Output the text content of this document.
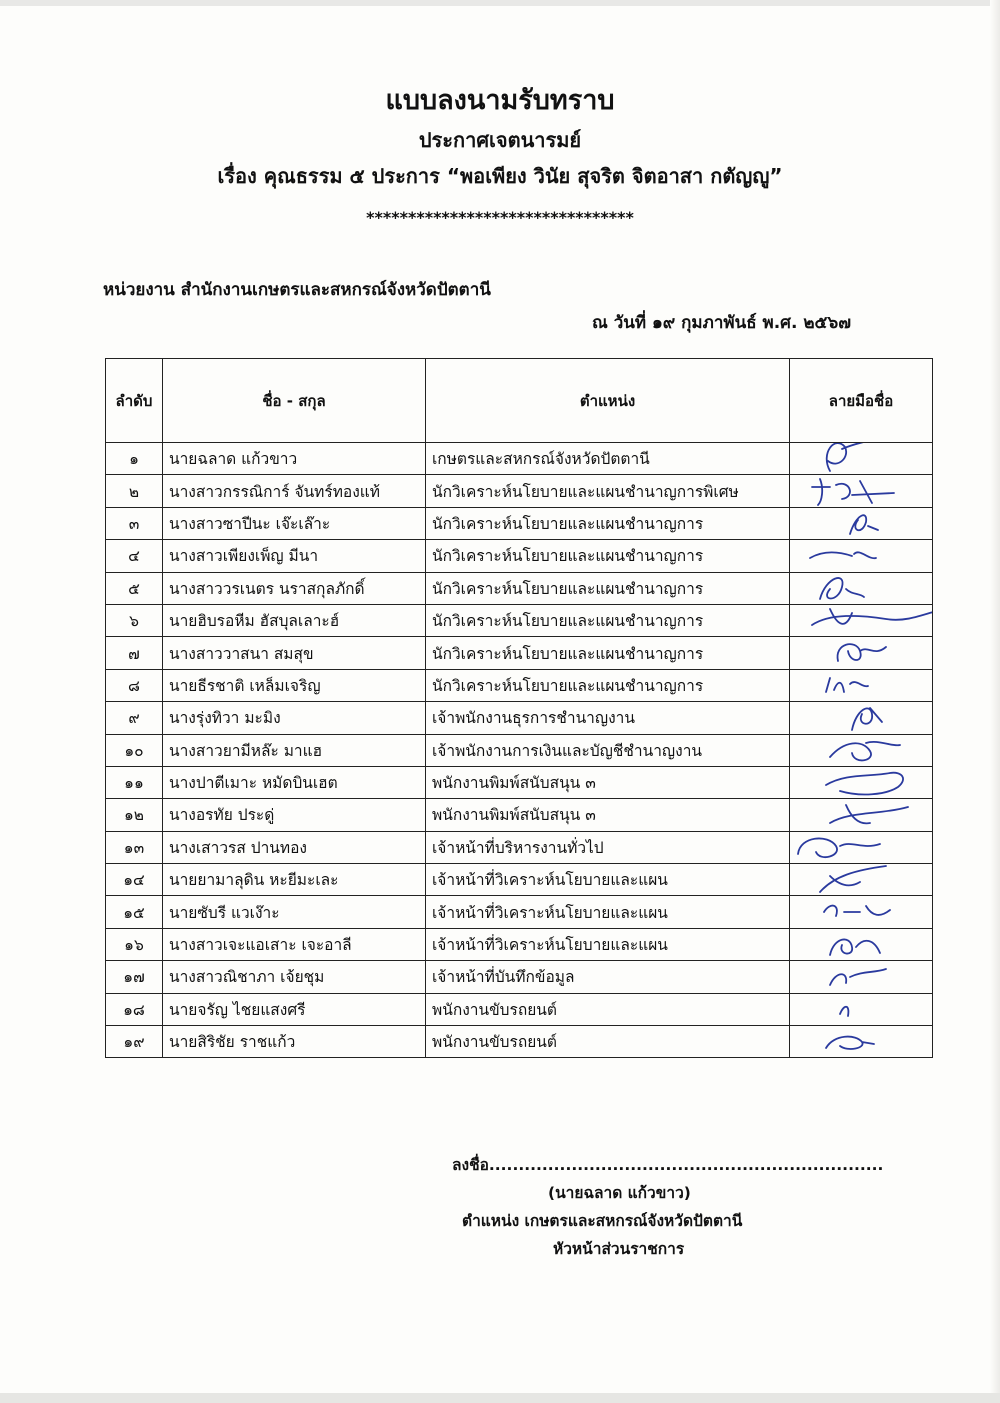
แบบลงนามรับทราบ
ประกาศเจตนารมย์
เรื่อง คุณธรรม ๕ ประการ “พอเพียง วินัย สุจริต จิตอาสา กตัญญู”
********************************
หน่วยงาน สำนักงานเกษตรและสหกรณ์จังหวัดปัตตานี
ณ วันที่ ๑๙ กุมภาพันธ์ พ.ศ. ๒๕๖๗
ลำดับ	ชื่อ - สกุล	ตำแหน่ง	ลายมือชื่อ
๑	นายฉลาด แก้วขาว	เกษตรและสหกรณ์จังหวัดปัตตานี	

๒	นางสาวกรรณิการ์ จันทร์ทองแท้	นักวิเคราะห์นโยบายและแผนชำนาญการพิเศษ	

๓	นางสาวซาปีนะ เจ๊ะเล๊าะ	นักวิเคราะห์นโยบายและแผนชำนาญการ	

๔	นางสาวเพียงเพ็ญ มีนา	นักวิเคราะห์นโยบายและแผนชำนาญการ	

๕	นางสาววรเนตร นราสกุลภักดิ์	นักวิเคราะห์นโยบายและแผนชำนาญการ	

๖	นายฮิบรอหีม ฮัสบุลเลาะฮ์	นักวิเคราะห์นโยบายและแผนชำนาญการ	

๗	นางสาววาสนา สมสุข	นักวิเคราะห์นโยบายและแผนชำนาญการ	

๘	นายธีรชาติ เหล็มเจริญ	นักวิเคราะห์นโยบายและแผนชำนาญการ	

๙	นางรุ่งทิวา มะมิง	เจ้าพนักงานธุรการชำนาญงาน	

๑๐	นางสาวยามีหล๊ะ มาแฮ	เจ้าพนักงานการเงินและบัญชีชำนาญงาน	

๑๑	นางปาตีเมาะ หมัดบินเฮต	พนักงานพิมพ์สนับสนุน ๓	

๑๒	นางอรทัย ประดู่	พนักงานพิมพ์สนับสนุน ๓	

๑๓	นางเสาวรส ปานทอง	เจ้าหน้าที่บริหารงานทั่วไป	

๑๔	นายยามาลุดิน หะยีมะเละ	เจ้าหน้าที่วิเคราะห์นโยบายและแผน	

๑๕	นายซับรี แวเง๊าะ	เจ้าหน้าที่วิเคราะห์นโยบายและแผน	

๑๖	นางสาวเจะแอเสาะ เจะอาลี	เจ้าหน้าที่วิเคราะห์นโยบายและแผน	

๑๗	นางสาวณิชาภา เจ้ยชุม	เจ้าหน้าที่บันทึกข้อมูล	

๑๘	นายจรัญ ไชยแสงศรี	พนักงานขับรถยนต์	

๑๙	นายสิริชัย ราชแก้ว	พนักงานขับรถยนต์	
ลงชื่อ...................................................................
(นายฉลาด แก้วขาว)
ตำแหน่ง เกษตรและสหกรณ์จังหวัดปัตตานี
หัวหน้าส่วนราชการ
